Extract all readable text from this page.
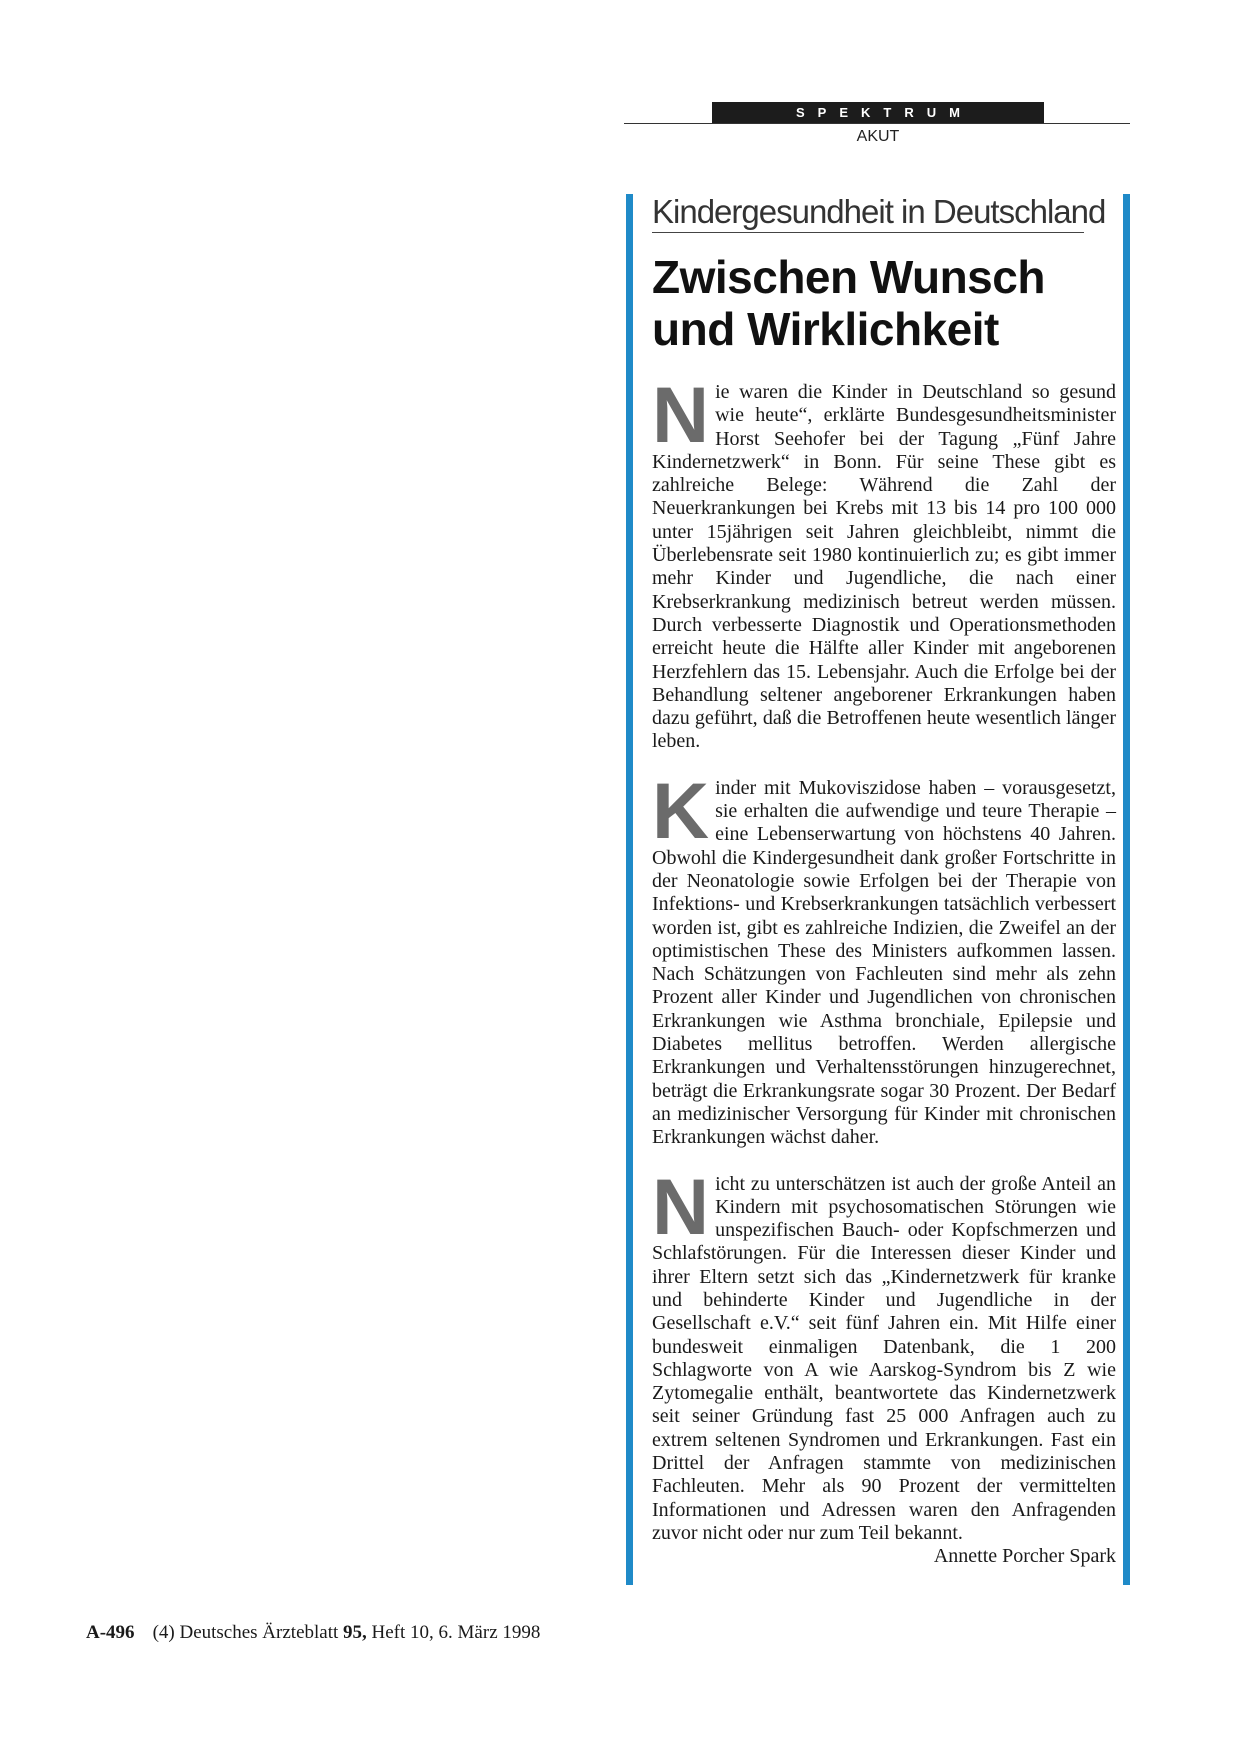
SPEKTRUM
AKUT
Kindergesundheit in Deutschland
Zwischen Wunsch
und Wirklichkeit

Nie waren die Kinder in Deutschland so gesund wie heute“, erklärte Bundesgesundheitsminister Horst Seehofer bei der Tagung „Fünf Jahre Kindernetzwerk“ in Bonn. Für seine These gibt es zahlreiche Belege: Während die Zahl der Neuerkrankungen bei Krebs mit 13 bis 14 pro 100 000 unter 15jährigen seit Jahren gleichbleibt, nimmt die Überlebensrate seit 1980 kontinuierlich zu; es gibt immer mehr Kinder und Jugendliche, die nach einer Krebserkrankung medizinisch betreut werden müssen. Durch verbesserte Diagnostik und Operationsmethoden erreicht heute die Hälfte aller Kinder mit angeborenen Herzfehlern das 15. Lebensjahr. Auch die Erfolge bei der Behandlung seltener angeborener Erkrankungen haben dazu geführt, daß die Betroffenen heute wesentlich länger leben.

Kinder mit Mukoviszidose haben – vorausgesetzt, sie erhalten die aufwendige und teure Therapie – eine Lebenserwartung von höchstens 40 Jahren. Obwohl die Kindergesundheit dank großer Fortschritte in der Neonatologie sowie Erfolgen bei der Therapie von Infektions- und Krebserkrankungen tatsächlich verbessert worden ist, gibt es zahlreiche Indizien, die Zweifel an der optimistischen These des Ministers aufkommen lassen. Nach Schätzungen von Fachleuten sind mehr als zehn Prozent aller Kinder und Jugendlichen von chronischen Erkrankungen wie Asthma bronchiale, Epilepsie und Diabetes mellitus betroffen. Werden allergische Erkrankungen und Verhaltensstörungen hinzugerechnet, beträgt die Erkrankungsrate sogar 30 Prozent. Der Bedarf an medizinischer Versorgung für Kinder mit chronischen Erkrankungen wächst daher.

Nicht zu unterschätzen ist auch der große Anteil an Kindern mit psychosomatischen Störungen wie unspezifischen Bauch- oder Kopfschmerzen und Schlafstörungen. Für die Interessen dieser Kinder und ihrer Eltern setzt sich das „Kindernetzwerk für kranke und behinderte Kinder und Jugendliche in der Gesellschaft e.V.“ seit fünf Jahren ein. Mit Hilfe einer bundesweit einmaligen Datenbank, die 1 200 Schlagworte von A wie Aarskog-Syndrom bis Z wie Zytomegalie enthält, beantwortete das Kindernetzwerk seit seiner Gründung fast 25 000 Anfragen auch zu extrem seltenen Syndromen und Erkrankungen. Fast ein Drittel der Anfragen stammte von medizinischen Fachleuten. Mehr als 90 Prozent der vermittelten Informationen und Adressen waren den Anfragenden zuvor nicht oder nur zum Teil bekannt.
Annette Porcher Spark

A-496 (4) Deutsches Ärzteblatt 95, Heft 10, 6. März 1998
